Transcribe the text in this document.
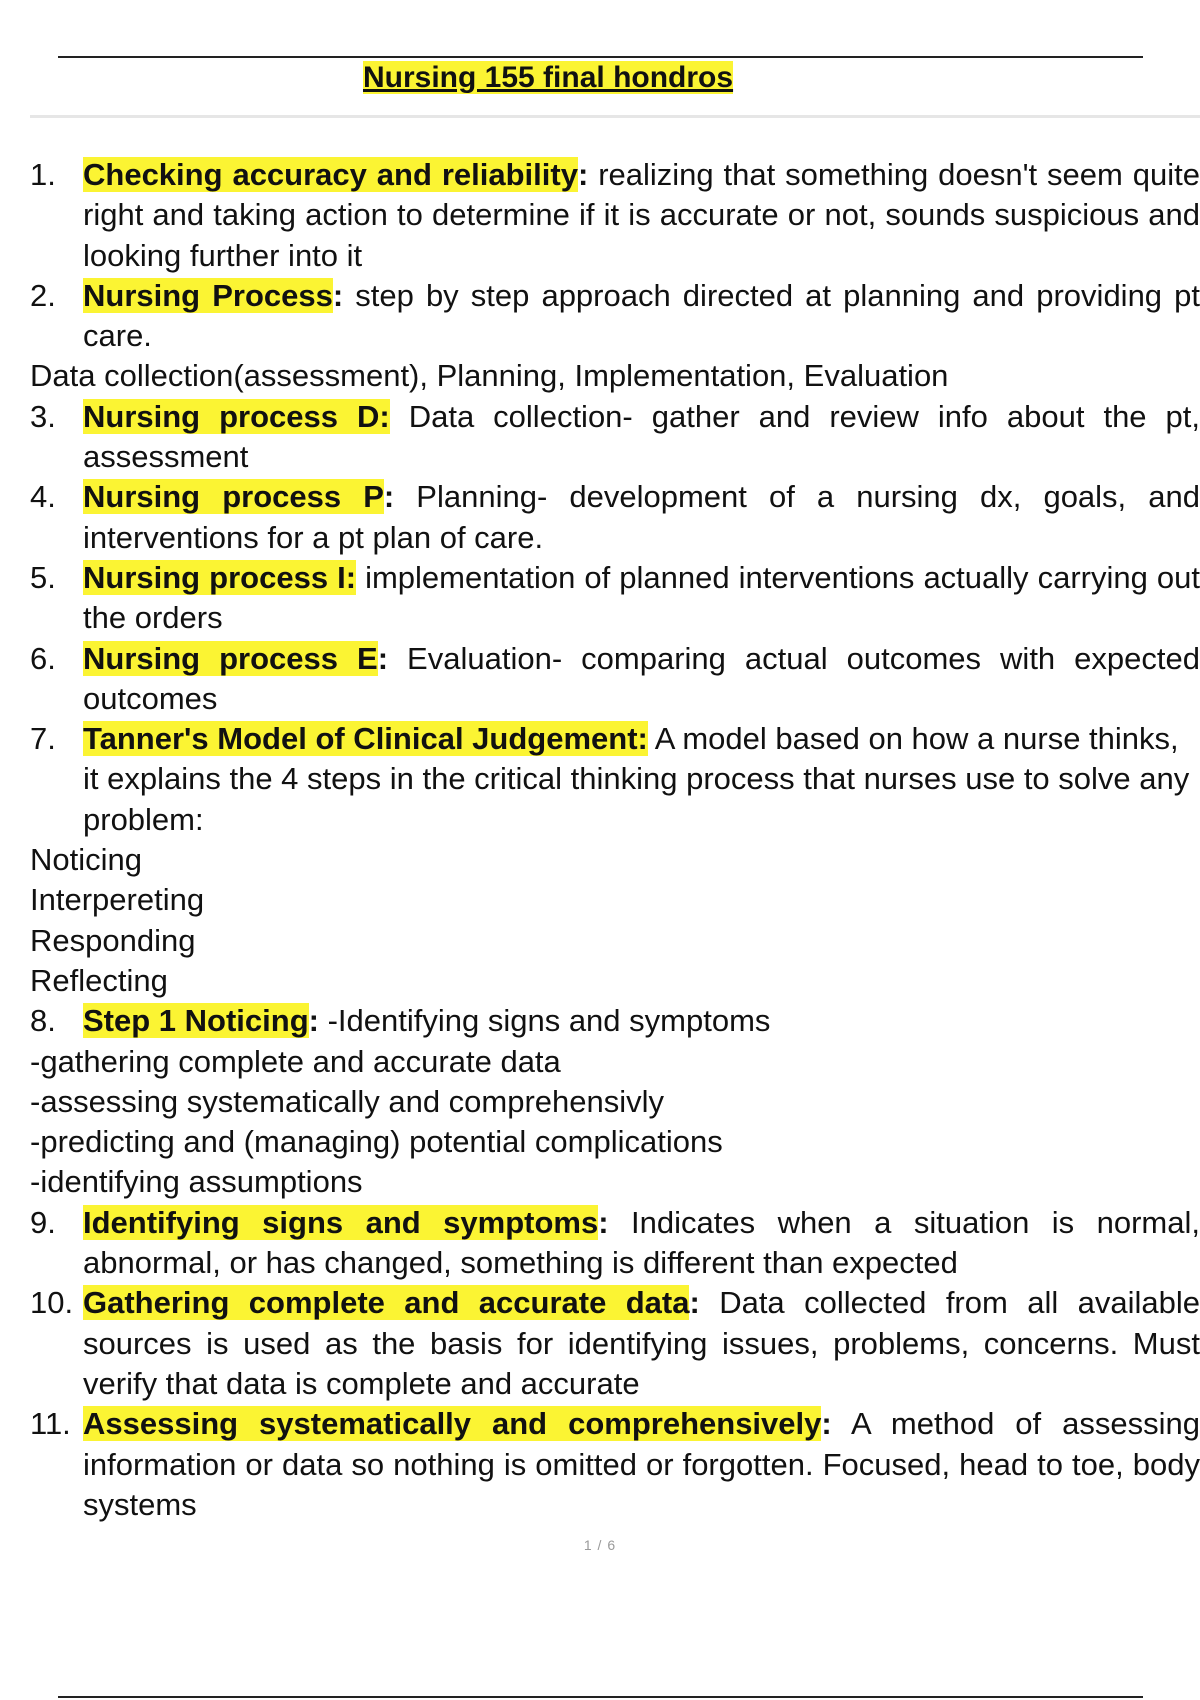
Nursing 155 final hondros
1. Checking accuracy and reliability: realizing that something doesn't seem quite right and taking action to determine if it is accurate or not, sounds suspicious and looking further into it
2. Nursing Process: step by step approach directed at planning and providing pt care.

Data collection(assessment), Planning, Implementation, Evaluation

3. Nursing process D: Data collection- gather and review info about the pt, assessment
4. Nursing process P: Planning- development of a nursing dx, goals, and interventions for a pt plan of care.
5. Nursing process I: implementation of planned interventions actually carrying out the orders
6. Nursing process E: Evaluation- comparing actual outcomes with expected outcomes
7. Tanner's Model of Clinical Judgement: A model based on how a nurse thinks, it explains the 4 steps in the critical thinking process that nurses use to solve any problem:

Noticing

Interpereting

Responding

Reflecting

8. Step 1 Noticing: -Identifying signs and symptoms

-gathering complete and accurate data

-assessing systematically and comprehensivly

-predicting and (managing) potential complications

-identifying assumptions

9. Identifying signs and symptoms: Indicates when a situation is normal, abnormal, or has changed, something is different than expected
10. Gathering complete and accurate data: Data collected from all available sources is used as the basis for identifying issues, problems, concerns. Must verify that data is complete and accurate
11. Assessing systematically and comprehensively: A method of assessing information or data so nothing is omitted or forgotten. Focused, head to toe, body systems
1 / 6
